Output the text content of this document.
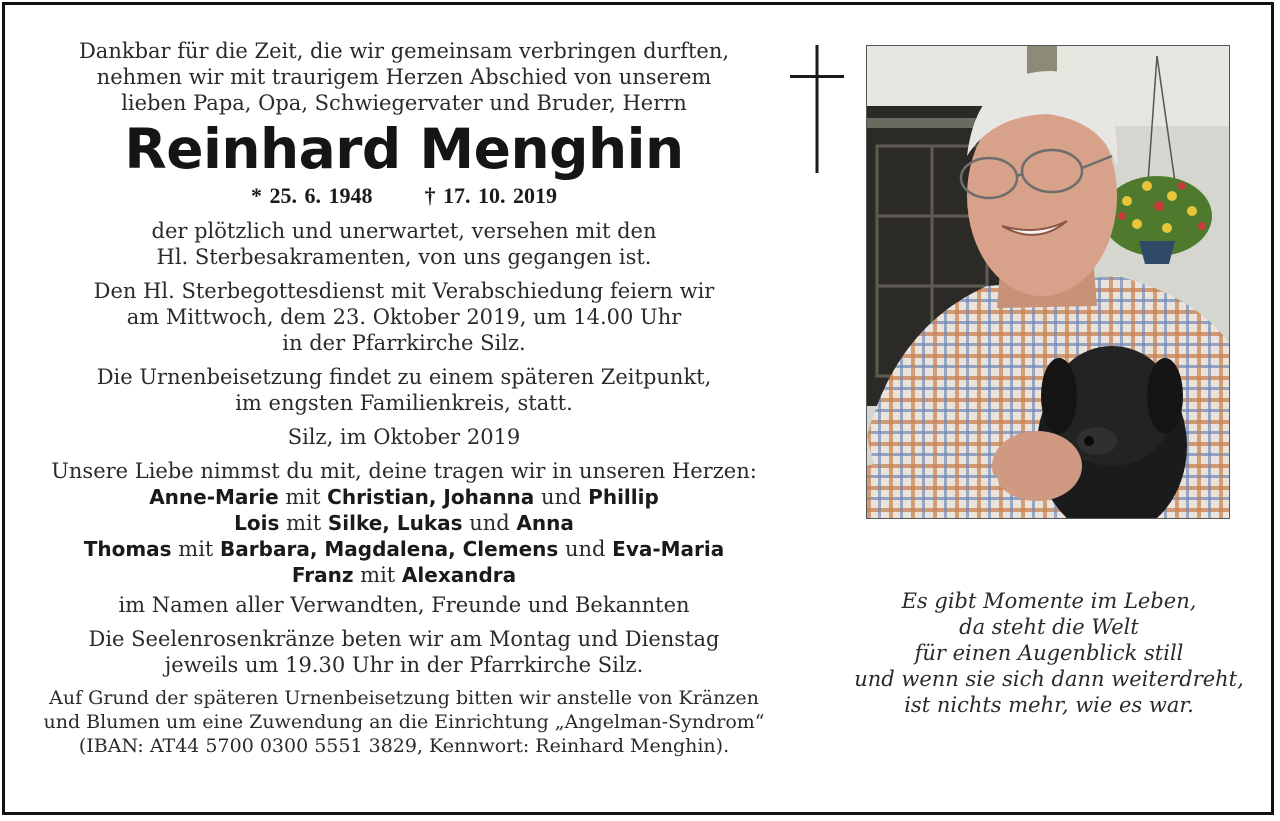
Dankbar für die Zeit, die wir gemeinsam verbringen durften,
nehmen wir mit traurigem Herzen Abschied von unserem
lieben Papa, Opa, Schwiegervater und Bruder, Herrn
Reinhard Menghin
* 25. 6. 1948 † 17. 10. 2019
der plötzlich und unerwartet, versehen mit den
Hl. Sterbesakramenten, von uns gegangen ist.
Den Hl. Sterbegottesdienst mit Verabschiedung feiern wir
am Mittwoch, dem 23. Oktober 2019, um 14.00 Uhr
in der Pfarrkirche Silz.
Die Urnenbeisetzung findet zu einem späteren Zeitpunkt,
im engsten Familienkreis, statt.
Silz, im Oktober 2019
Unsere Liebe nimmst du mit, deine tragen wir in unseren Herzen:
Anne-Marie mit Christian, Johanna und Phillip
Lois mit Silke, Lukas und Anna
Thomas mit Barbara, Magdalena, Clemens und Eva-Maria
Franz mit Alexandra
im Namen aller Verwandten, Freunde und Bekannten
Die Seelenrosenkränze beten wir am Montag und Dienstag
jeweils um 19.30 Uhr in der Pfarrkirche Silz.
Auf Grund der späteren Urnenbeisetzung bitten wir anstelle von Kränzen
und Blumen um eine Zuwendung an die Einrichtung „Angelman-Syndrom“
(IBAN: AT44 5700 0300 5551 3829, Kennwort: Reinhard Menghin).
Es gibt Momente im Leben,
da steht die Welt
für einen Augenblick still
und wenn sie sich dann weiterdreht,
ist nichts mehr, wie es war.
